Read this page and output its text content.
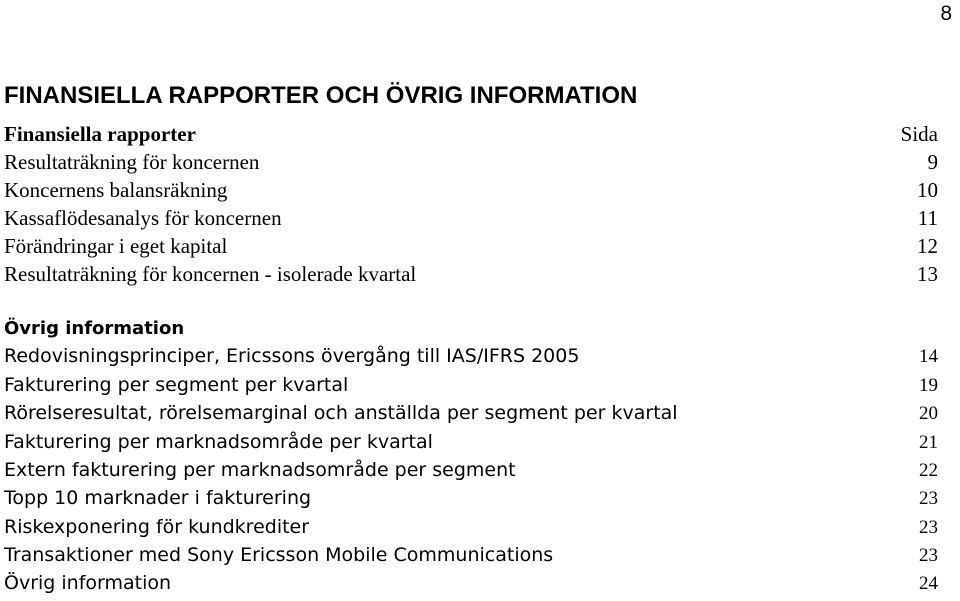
8
FINANSIELLA RAPPORTER OCH ÖVRIG INFORMATION
Finansiella rapporter	Sida
Resultaträkning för koncernen	9
Koncernens balansräkning	10
Kassaflödesanalys för koncernen	11
Förändringar i eget kapital	12
Resultaträkning för koncernen - isolerade kvartal	13
Övrig information
Redovisningsprinciper, Ericssons övergång till IAS/IFRS 2005	14
Fakturering per segment per kvartal	19
Rörelseresultat, rörelsemarginal och anställda per segment per kvartal	20
Fakturering per marknadsområde per kvartal	21
Extern fakturering per marknadsområde per segment	22
Topp 10 marknader i fakturering	23
Riskexponering för kundkrediter	23
Transaktioner med Sony Ericsson Mobile Communications	23
Övrig information	24
